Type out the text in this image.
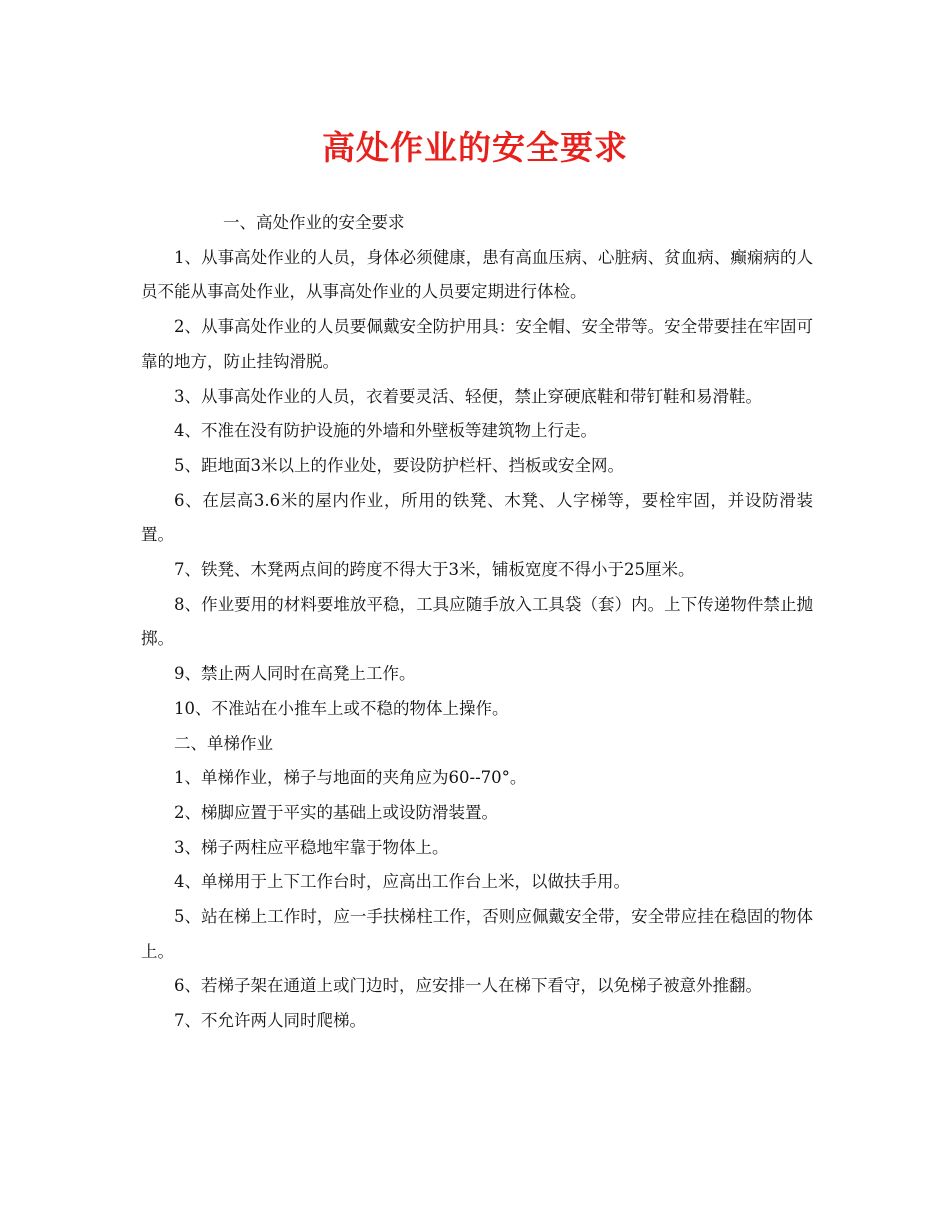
高处作业的安全要求

一、高处作业的安全要求

1、从事高处作业的人员，身体必须健康，患有高血压病、心脏病、贫血病、癫痫病的人员不能从事高处作业，从事高处作业的人员要定期进行体检。

2、从事高处作业的人员要佩戴安全防护用具：安全帽、安全带等。安全带要挂在牢固可靠的地方，防止挂钩滑脱。

3、从事高处作业的人员，衣着要灵活、轻便，禁止穿硬底鞋和带钉鞋和易滑鞋。

4、不准在没有防护设施的外墙和外壁板等建筑物上行走。

5、距地面3米以上的作业处，要设防护栏杆、挡板或安全网。

6、在层高3.6米的屋内作业，所用的铁凳、木凳、人字梯等，要栓牢固，并设防滑装置。

7、铁凳、木凳两点间的跨度不得大于3米，铺板宽度不得小于25厘米。

8、作业要用的材料要堆放平稳，工具应随手放入工具袋（套）内。上下传递物件禁止抛掷。

9、禁止两人同时在高凳上工作。

10、不准站在小推车上或不稳的物体上操作。

二、单梯作业

1、单梯作业，梯子与地面的夹角应为60--70°。

2、梯脚应置于平实的基础上或设防滑装置。

3、梯子两柱应平稳地牢靠于物体上。

4、单梯用于上下工作台时，应高出工作台上米，以做扶手用。

5、站在梯上工作时，应一手扶梯柱工作，否则应佩戴安全带，安全带应挂在稳固的物体上。

6、若梯子架在通道上或门边时，应安排一人在梯下看守，以免梯子被意外推翻。

7、不允许两人同时爬梯。
